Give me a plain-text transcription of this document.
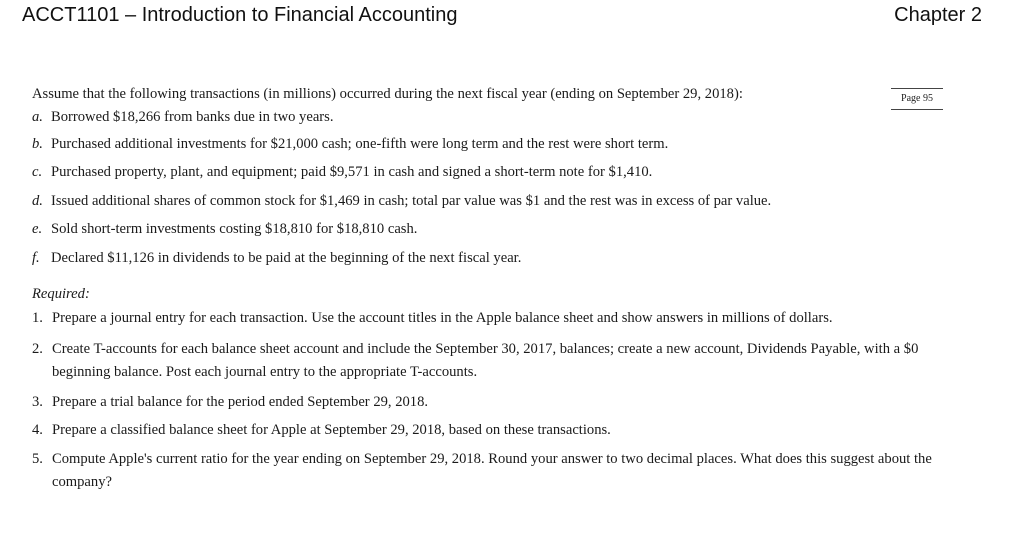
ACCT1101 – Introduction to Financial Accounting	Chapter 2
Page 95
Assume that the following transactions (in millions) occurred during the next fiscal year (ending on September 29, 2018):
a. Borrowed $18,266 from banks due in two years.
b. Purchased additional investments for $21,000 cash; one-fifth were long term and the rest were short term.
c. Purchased property, plant, and equipment; paid $9,571 in cash and signed a short-term note for $1,410.
d. Issued additional shares of common stock for $1,469 in cash; total par value was $1 and the rest was in excess of par value.
e. Sold short-term investments costing $18,810 for $18,810 cash.
f. Declared $11,126 in dividends to be paid at the beginning of the next fiscal year.
Required:
1. Prepare a journal entry for each transaction. Use the account titles in the Apple balance sheet and show answers in millions of dollars.
2. Create T-accounts for each balance sheet account and include the September 30, 2017, balances; create a new account, Dividends Payable, with a $0 beginning balance. Post each journal entry to the appropriate T-accounts.
3. Prepare a trial balance for the period ended September 29, 2018.
4. Prepare a classified balance sheet for Apple at September 29, 2018, based on these transactions.
5. Compute Apple's current ratio for the year ending on September 29, 2018. Round your answer to two decimal places. What does this suggest about the company?
